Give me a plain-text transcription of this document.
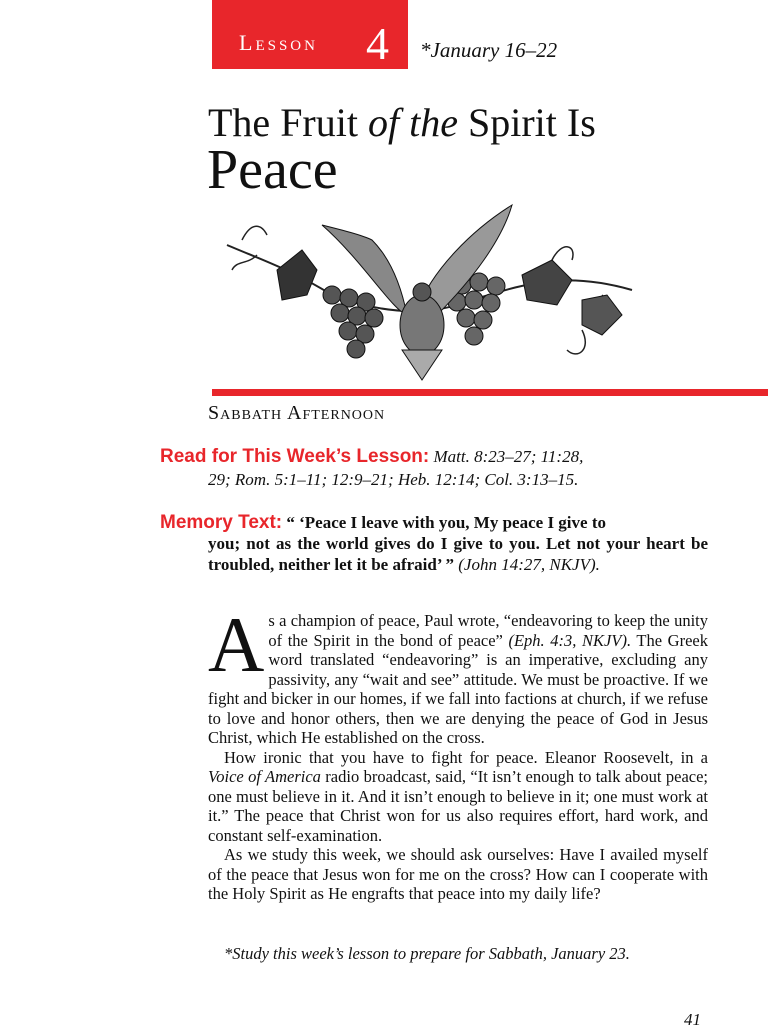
Lesson 4 *January 16–22
The Fruit of the Spirit Is
Peace
Sabbath Afternoon
Read for This Week’s Lesson: Matt. 8:23–27; 11:28,
29; Rom. 5:1–11; 12:9–21; Heb. 12:14; Col. 3:13–15.
Memory Text: “ ‘Peace I leave with you, My peace I give to
you; not as the world gives do I give to you. Let not your heart be troubled, neither let it be afraid’ ” (John 14:27, NKJV).

As a champion of peace, Paul wrote, “endeavoring to keep the unity of the Spirit in the bond of peace” (Eph. 4:3, NKJV). The Greek word translated “endeavoring” is an imperative, excluding any passivity, any “wait and see” attitude. We must be proactive. If we fight and bicker in our homes, if we fall into factions at church, if we refuse to love and honor others, then we are denying the peace of God in Jesus Christ, which He established on the cross.

How ironic that you have to fight for peace. Eleanor Roosevelt, in a Voice of America radio broadcast, said, “It isn’t enough to talk about peace; one must believe in it. And it isn’t enough to believe in it; one must work at it.” The peace that Christ won for us also requires effort, hard work, and constant self-examination.

As we study this week, we should ask ourselves: Have I availed myself of the peace that Jesus won for me on the cross? How can I cooperate with the Holy Spirit as He engrafts that peace into my daily life?

*Study this week’s lesson to prepare for Sabbath, January 23.
41
